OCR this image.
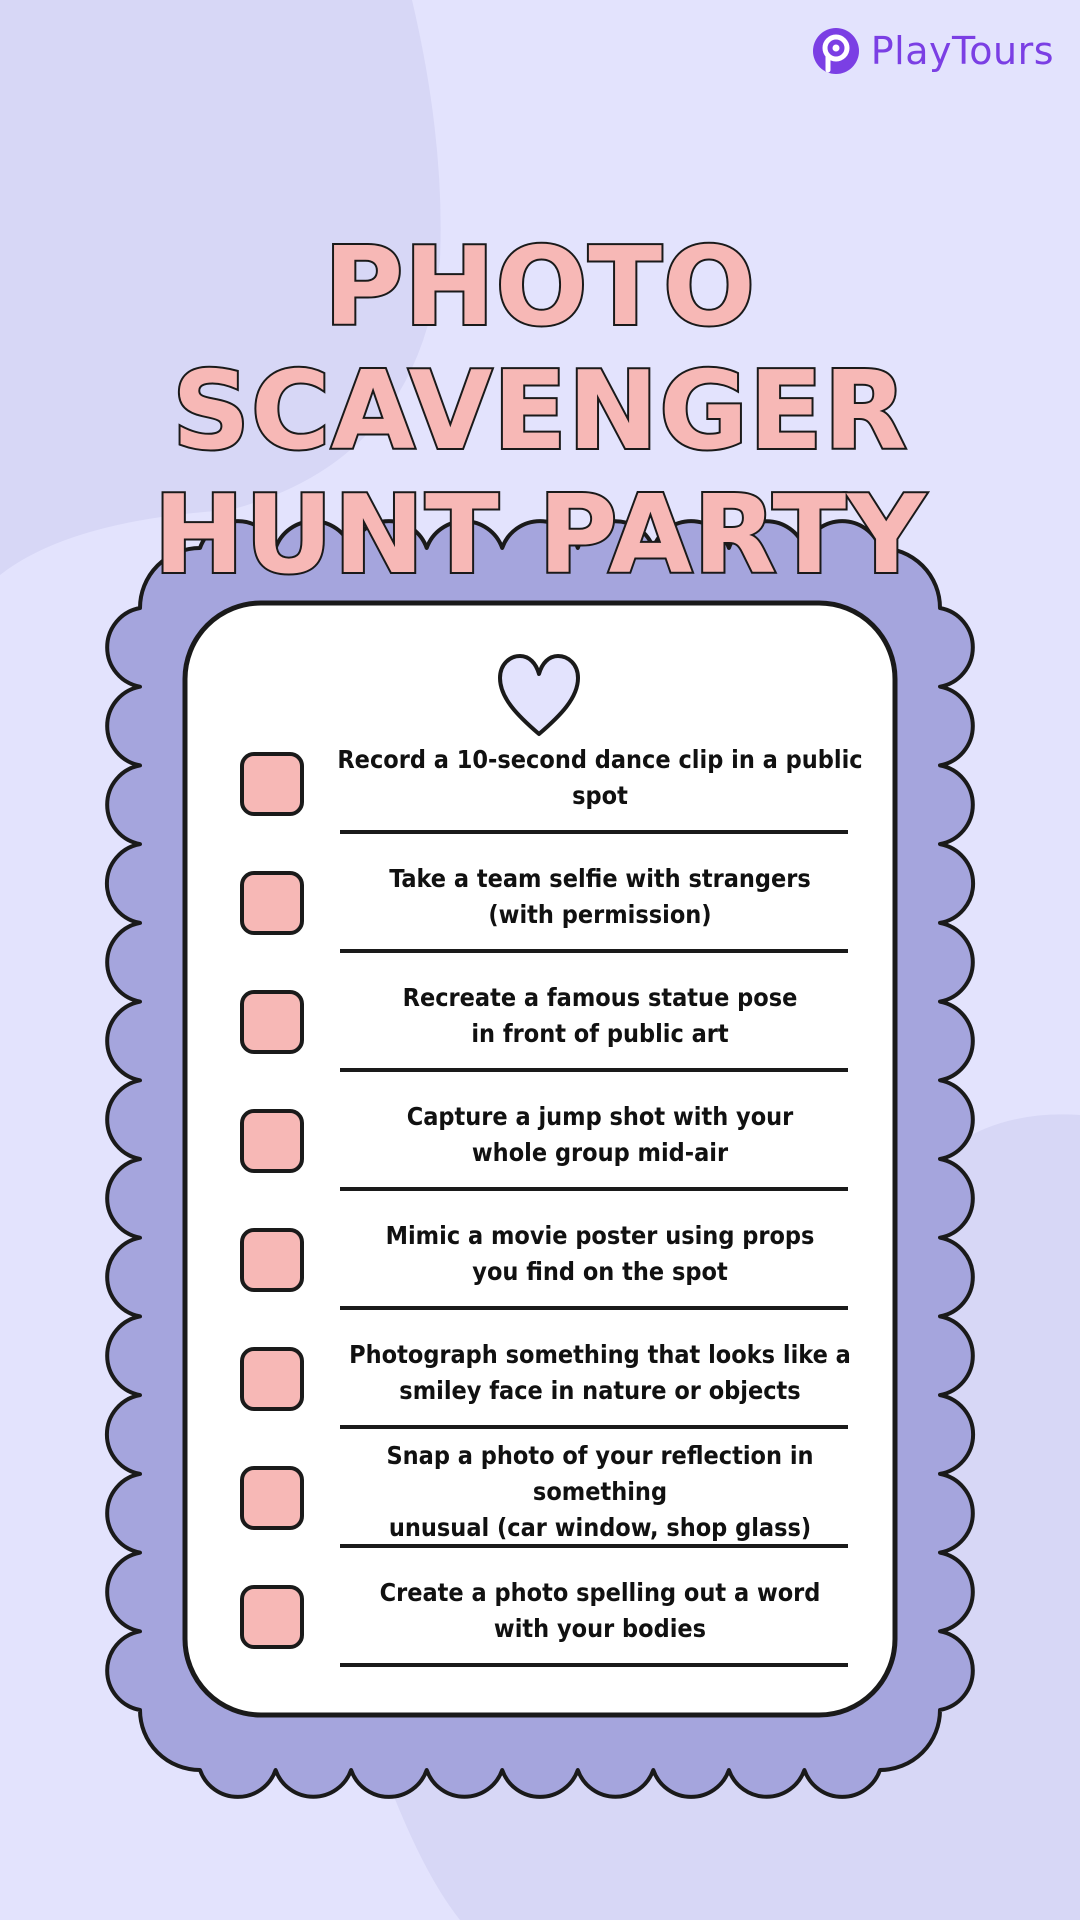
PlayTours
PHOTO SCAVENGER
HUNT PARTY
Record a 10-second dance clip in a public spot
Take a team selfie with strangers
(with permission)
Recreate a famous statue pose
in front of public art
Capture a jump shot with your
whole group mid-air
Mimic a movie poster using props
you find on the spot
Photograph something that looks like a
smiley face in nature or objects
Snap a photo of your reflection in something
unusual (car window, shop glass)
Create a photo spelling out a word
with your bodies
